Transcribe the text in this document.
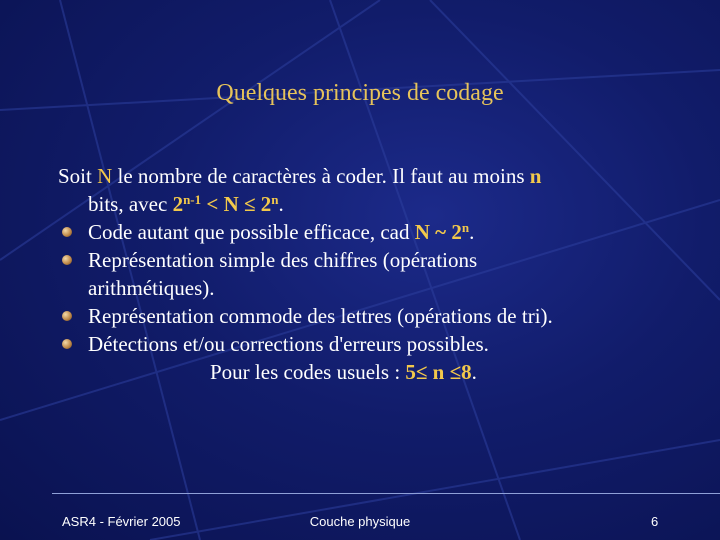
Quelques principes de codage
Soit N le nombre de caractères à coder. Il faut au moins n
bits, avec $2^{n-1} < N \le 2^n$.
Code autant que possible efficace, cad N ~ 2$^n$.
Représentation simple des chiffres (opérations
arithmétiques).
Représentation commode des lettres (opérations de tri).
Détections et/ou corrections d'erreurs possibles.
Pour les codes usuels : 5≤ n ≤8.
ASR4 - Février 2005	Couche physique	6
